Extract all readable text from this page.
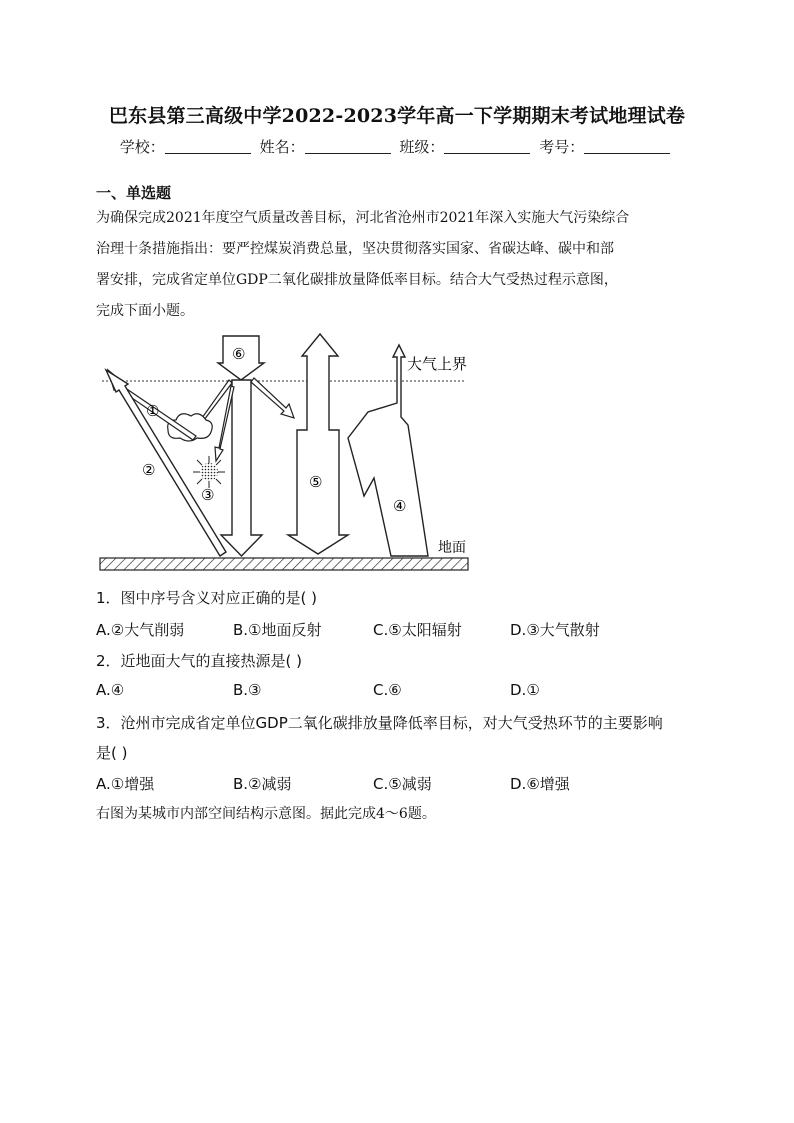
巴东县第三高级中学2022-2023学年高一下学期期末考试地理试卷
学校：	姓名：	班级：	考号：
一、单选题

为确保完成2021年度空气质量改善目标，河北省沧州市2021年深入实施大气污染综合

治理十条措施指出：要严控煤炭消费总量，坚决贯彻落实国家、省碳达峰、碳中和部

署安排，完成省定单位GDP二氧化碳排放量降低率目标。结合大气受热过程示意图，

完成下面小题。

大气上界
地面
⑥
③
①
②
⑤
④
1．图中序号含义对应正确的是( )
A.②大气削弱	B.①地面反射	C.⑤太阳辐射	D.③大气散射
2．近地面大气的直接热源是( )
A.④	B.③	C.⑥	D.①
3．沧州市完成省定单位GDP二氧化碳排放量降低率目标，对大气受热环节的主要影响
是( )
A.①增强	B.②减弱	C.⑤减弱	D.⑥增强
右图为某城市内部空间结构示意图。据此完成4～6题。
